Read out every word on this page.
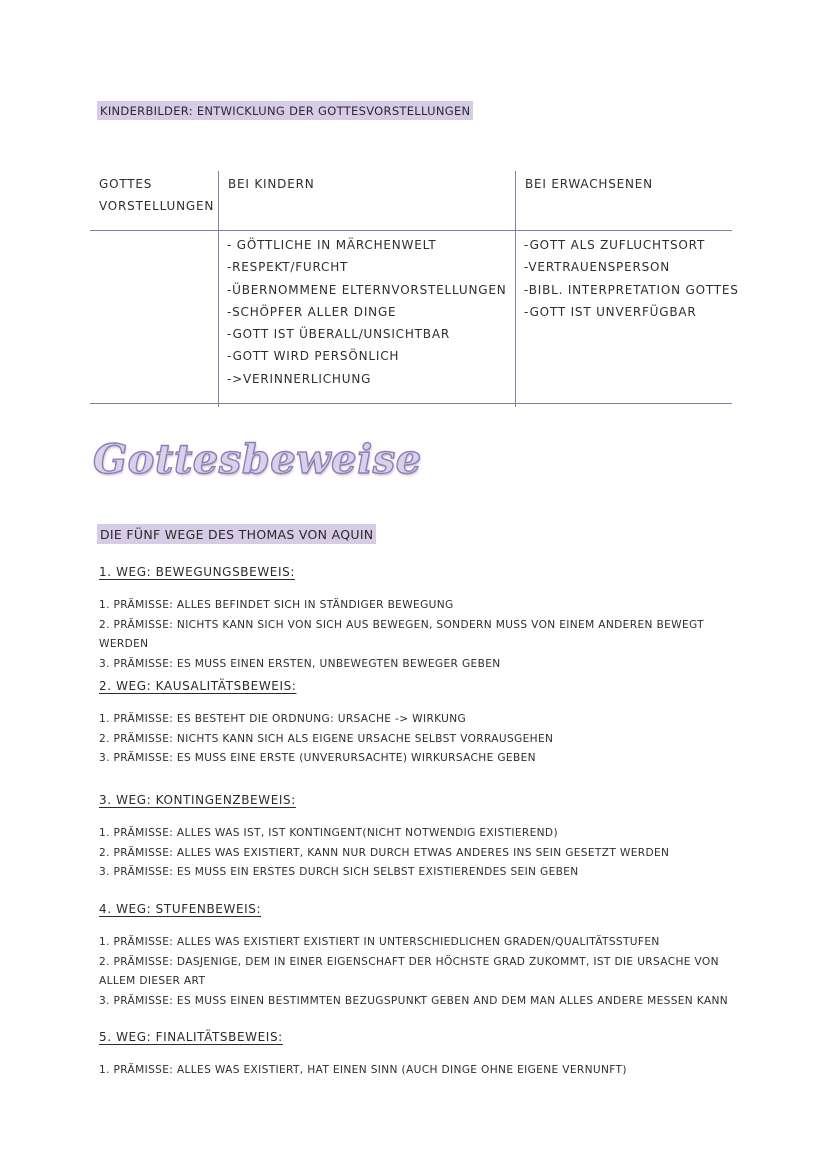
KINDERBILDER: ENTWICKLUNG DER GOTTESVORSTELLUNGEN
GOTTES
VORSTELLUNGEN
BEI KINDERN	BEI ERWACHSENEN
- GÖTTLICHE IN MÄRCHENWELT
-RESPEKT/FURCHT
-ÜBERNOMMENE ELTERNVORSTELLUNGEN
-SCHÖPFER ALLER DINGE
-GOTT IST ÜBERALL/UNSICHTBAR
-GOTT WIRD PERSÖNLICH
->VERINNERLICHUNG
-GOTT ALS ZUFLUCHTSORT
-VERTRAUENSPERSON
-BIBL. INTERPRETATION GOTTES
-GOTT IST UNVERFÜGBAR
Gottesbeweise
DIE FÜNF WEGE DES THOMAS VON AQUIN
1. WEG: BEWEGUNGSBEWEIS:
1. PRÄMISSE: ALLES BEFINDET SICH IN STÄNDIGER BEWEGUNG
2. PRÄMISSE: NICHTS KANN SICH VON SICH AUS BEWEGEN, SONDERN MUSS VON EINEM ANDEREN BEWEGT WERDEN
3. PRÄMISSE: ES MUSS EINEN ERSTEN, UNBEWEGTEN BEWEGER GEBEN
2. WEG: KAUSALITÄTSBEWEIS:
1. PRÄMISSE: ES BESTEHT DIE ORDNUNG: URSACHE -> WIRKUNG
2. PRÄMISSE: NICHTS KANN SICH ALS EIGENE URSACHE SELBST VORRAUSGEHEN
3. PRÄMISSE: ES MUSS EINE ERSTE (UNVERURSACHTE) WIRKURSACHE GEBEN
3. WEG: KONTINGENZBEWEIS:
1. PRÄMISSE: ALLES WAS IST, IST KONTINGENT(NICHT NOTWENDIG EXISTIEREND)
2. PRÄMISSE: ALLES WAS EXISTIERT, KANN NUR DURCH ETWAS ANDERES INS SEIN GESETZT WERDEN
3. PRÄMISSE: ES MUSS EIN ERSTES DURCH SICH SELBST EXISTIERENDES SEIN GEBEN
4. WEG: STUFENBEWEIS:
1. PRÄMISSE: ALLES WAS EXISTIERT EXISTIERT IN UNTERSCHIEDLICHEN GRADEN/QUALITÄTSSTUFEN
2. PRÄMISSE: DASJENIGE, DEM IN EINER EIGENSCHAFT DER HÖCHSTE GRAD ZUKOMMT, IST DIE URSACHE VON ALLEM DIESER ART
3. PRÄMISSE: ES MUSS EINEN BESTIMMTEN BEZUGSPUNKT GEBEN AND DEM MAN ALLES ANDERE MESSEN KANN
5. WEG: FINALITÄTSBEWEIS:
1. PRÄMISSE: ALLES WAS EXISTIERT, HAT EINEN SINN (AUCH DINGE OHNE EIGENE VERNUNFT)
